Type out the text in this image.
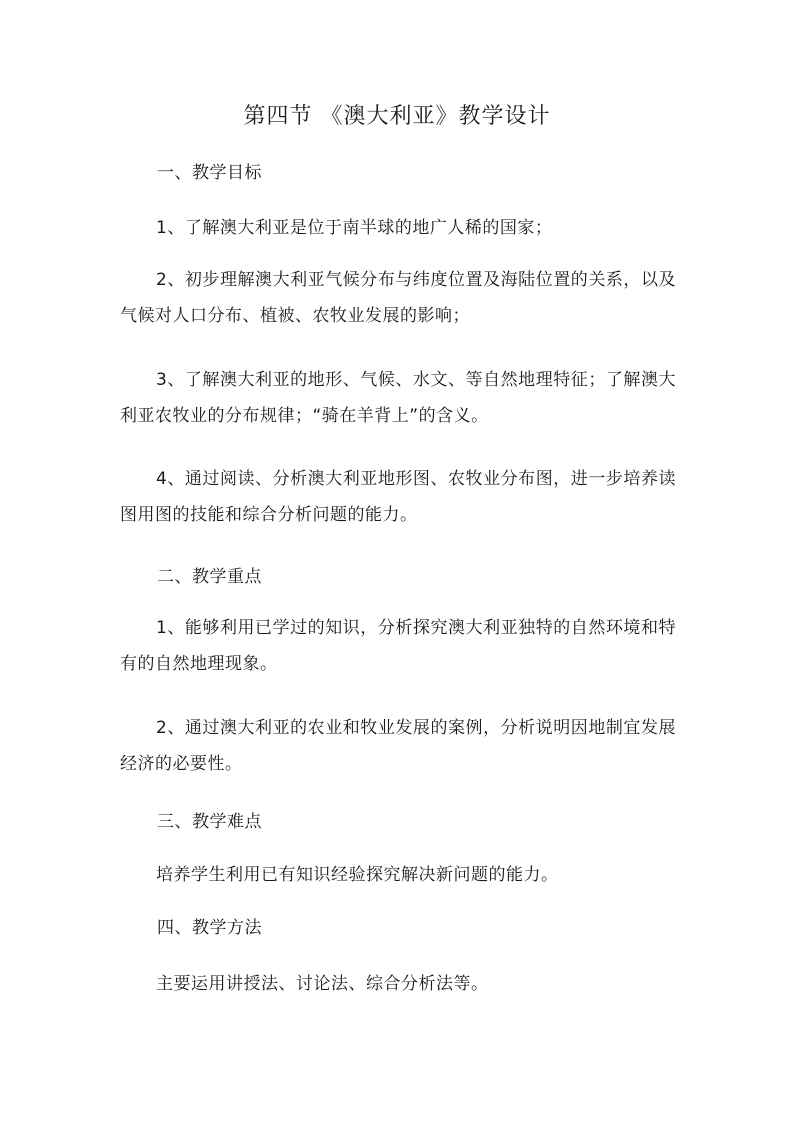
第四节 《澳大利亚》教学设计
一、教学目标

1、了解澳大利亚是位于南半球的地广人稀的国家；

2、初步理解澳大利亚气候分布与纬度位置及海陆位置的关系，以及气候对人口分布、植被、农牧业发展的影响；

3、了解澳大利亚的地形、气候、水文、等自然地理特征；了解澳大利亚农牧业的分布规律；“骑在羊背上”的含义。

4、通过阅读、分析澳大利亚地形图、农牧业分布图，进一步培养读图用图的技能和综合分析问题的能力。

二、教学重点

1、能够利用已学过的知识，分析探究澳大利亚独特的自然环境和特有的自然地理现象。

2、通过澳大利亚的农业和牧业发展的案例，分析说明因地制宜发展经济的必要性。

三、教学难点

培养学生利用已有知识经验探究解决新问题的能力。

四、教学方法

主要运用讲授法、讨论法、综合分析法等。
